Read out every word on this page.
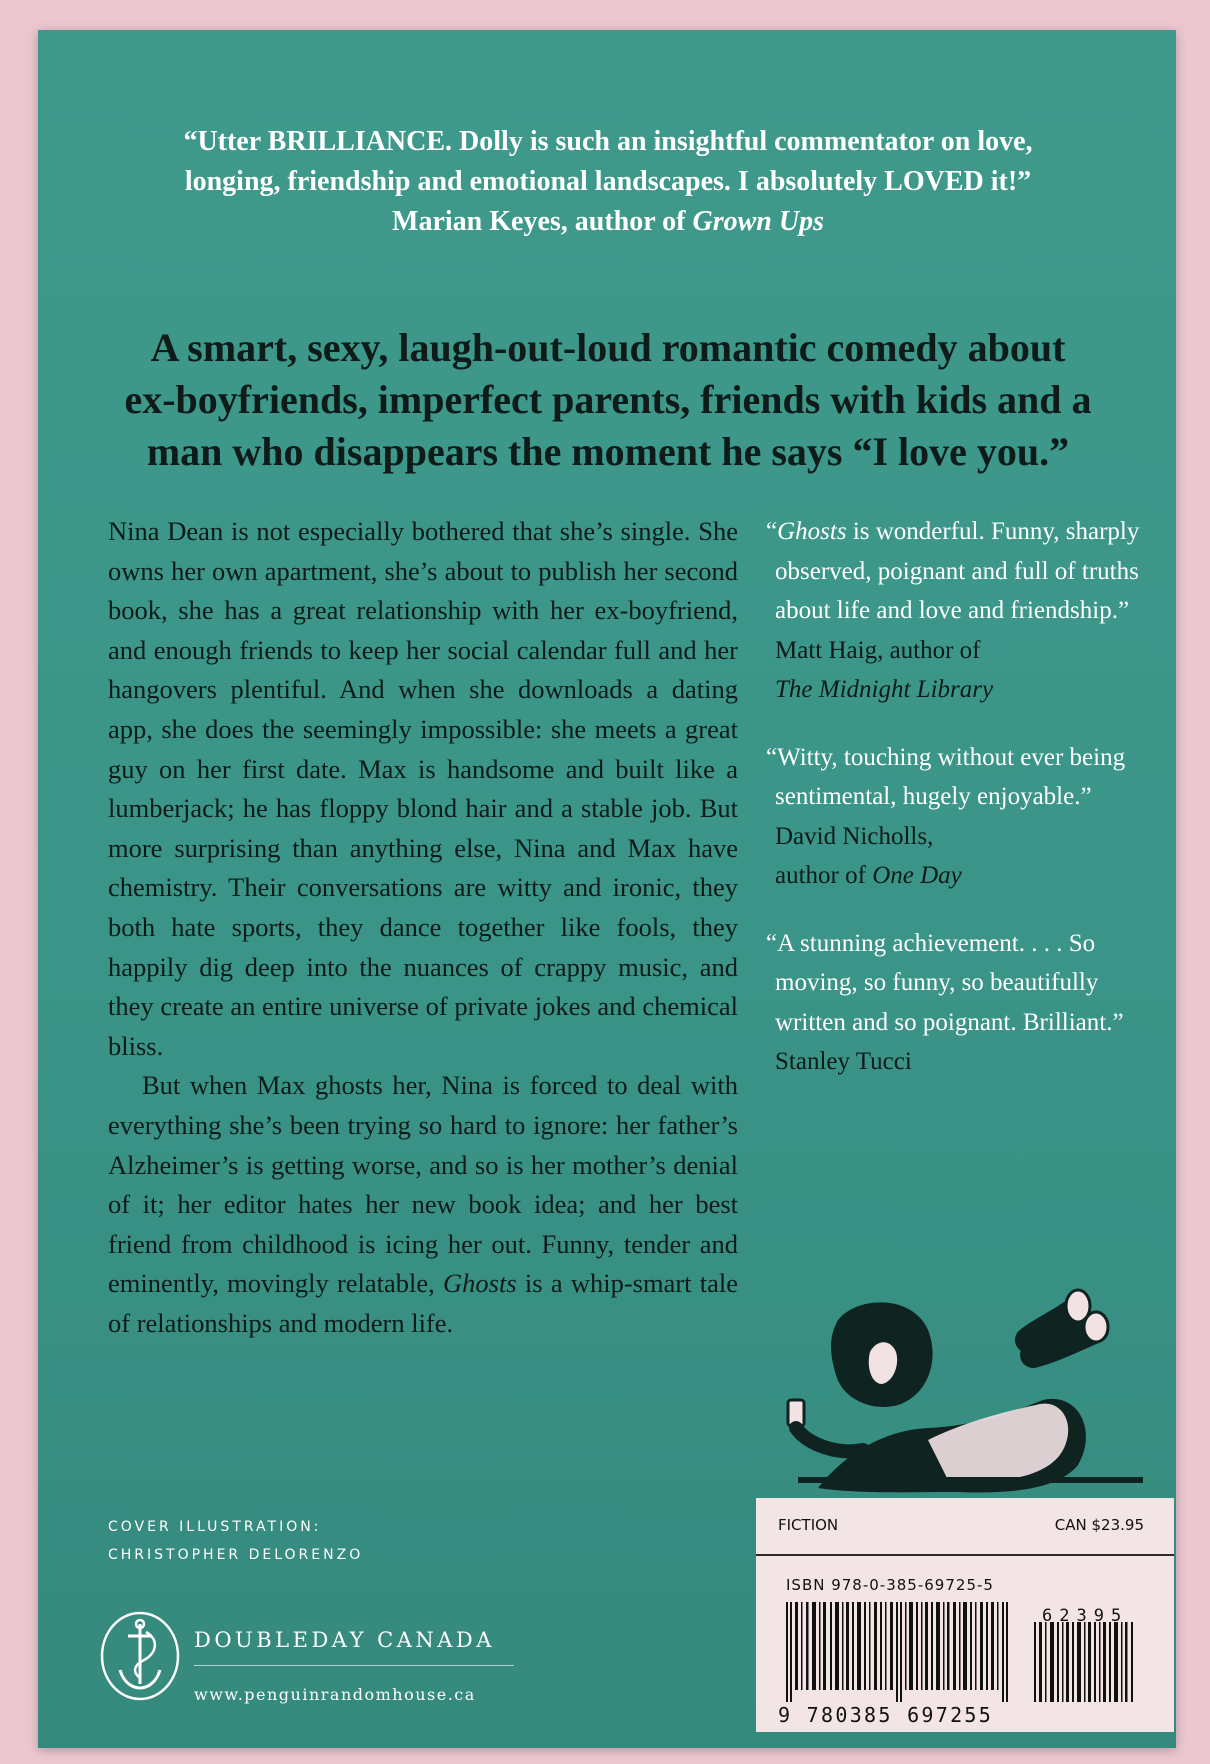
“Utter BRILLIANCE. Dolly is such an insightful commentator on love,
longing, friendship and emotional landscapes. I absolutely LOVED it!”
Marian Keyes, author of Grown Ups
A smart, sexy, laugh-out-loud romantic comedy about
ex-boyfriends, imperfect parents, friends with kids and a
man who disappears the moment he says “I love you.”

Nina Dean is not especially bothered that she’s single. She owns her own apartment, she’s about to publish her second book, she has a great relationship with her ex-boyfriend, and enough friends to keep her social calendar full and her hangovers plentiful. And when she downloads a dating app, she does the seemingly impossible: she meets a great guy on her first date. Max is handsome and built like a lumberjack; he has floppy blond hair and a stable job. But more surprising than anything else, Nina and Max have chemistry. Their conversations are witty and ironic, they both hate sports, they dance together like fools, they happily dig deep into the nuances of crappy music, and they create an entire universe of private jokes and chemical bliss.

But when Max ghosts her, Nina is forced to deal with everything she’s been trying so hard to ignore: her father’s Alzheimer’s is getting worse, and so is her mother’s denial of it; her editor hates her new book idea; and her best friend from childhood is icing her out. Funny, tender and eminently, movingly relatable, Ghosts is a whip-smart tale of relationships and modern life.

“Ghosts is wonderful. Funny, sharply observed, poignant and full of truths about life and love and friendship.”
Matt Haig, author of
The Midnight Library
“Witty, touching without ever being sentimental, hugely enjoyable.”
David Nicholls,
author of One Day
“A stunning achievement. . . . So moving, so funny, so beautifully written and so poignant. Brilliant.”
Stanley Tucci
COVER ILLUSTRATION:
CHRISTOPHER DELORENZO
DOUBLEDAY CANADA
www.penguinrandomhouse.ca
FICTION	CAN $23.95
ISBN 978-0-385-69725-5
62395
9 780385 697255
